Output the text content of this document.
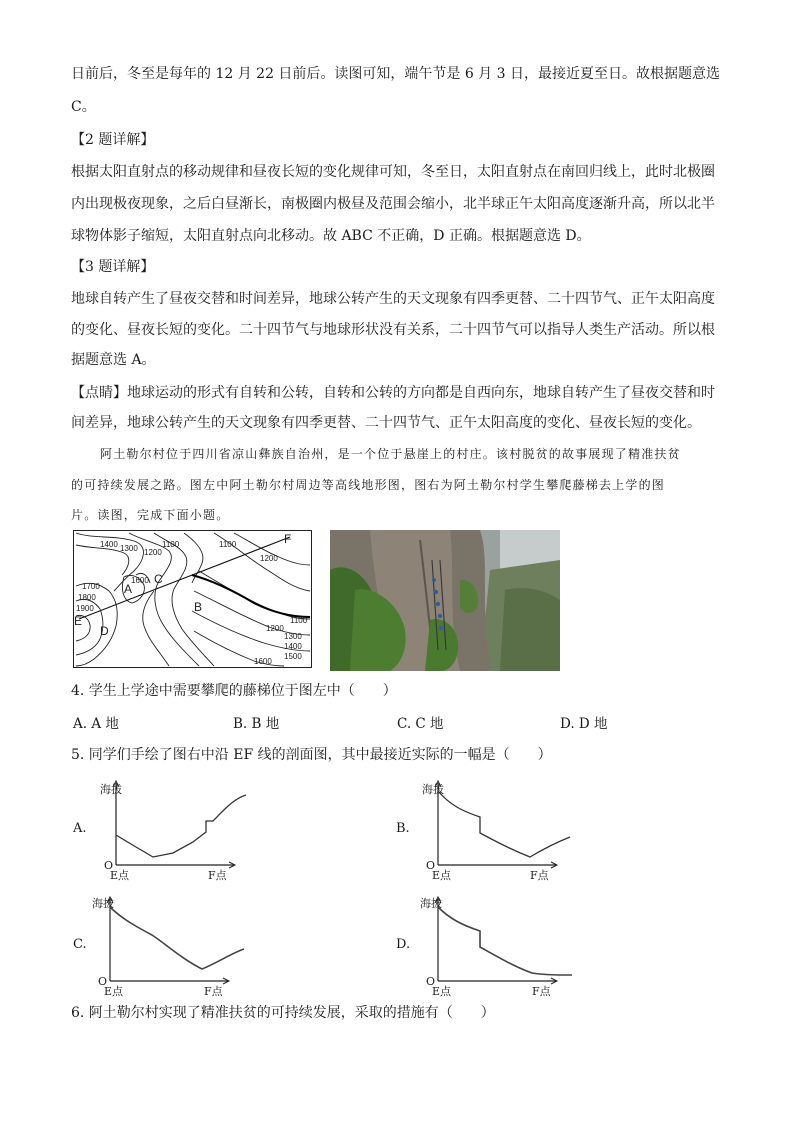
日前后，冬至是每年的 12 月 22 日前后。读图可知，端午节是 6 月 3 日，最接近夏至日。故根据题意选
C。
【2 题详解】
根据太阳直射点的移动规律和昼夜长短的变化规律可知，冬至日，太阳直射点在南回归线上，此时北极圈
内出现极夜现象，之后白昼渐长，南极圈内极昼及范围会缩小，北半球正午太阳高度逐渐升高，所以北半
球物体影子缩短，太阳直射点向北移动。故 ABC 不正确，D 正确。根据题意选 D。
【3 题详解】
地球自转产生了昼夜交替和时间差异，地球公转产生的天文现象有四季更替、二十四节气、正午太阳高度
的变化、昼夜长短的变化。二十四节气与地球形状没有关系，二十四节气可以指导人类生产活动。所以根
据题意选 A。
【点睛】地球运动的形式有自转和公转，自转和公转的方向都是自西向东，地球自转产生了昼夜交替和时
间差异，地球公转产生的天文现象有四季更替、二十四节气、正午太阳高度的变化、昼夜长短的变化。
阿土勒尔村位于四川省凉山彝族自治州，是一个位于悬崖上的村庄。该村脱贫的故事展现了精准扶贫
的可持续发展之路。图左中阿土勒尔村周边等高线地形图，图右为阿土勒尔村学生攀爬藤梯去上学的图
片。读图，完成下面小题。
1400 1300 1200
1100	1100
1200
1600
1700
1800
1900
1100
1200
1300
1400
1500
1600
A
B
C
D
E
F
4. 学生上学途中需要攀爬的藤梯位于图左中（　　）
A. A 地	B. B 地	C. C 地	D. D 地
5. 同学们手绘了图右中沿 EF 线的剖面图，其中最接近实际的一幅是（　　）
A.
海拔
O
E点	F点
B.
海拔
O
E点	F点
C.
海拔
O
E点	F点
D.
海拔
O
E点	F点
6. 阿土勒尔村实现了精准扶贫的可持续发展，采取的措施有（　　）
